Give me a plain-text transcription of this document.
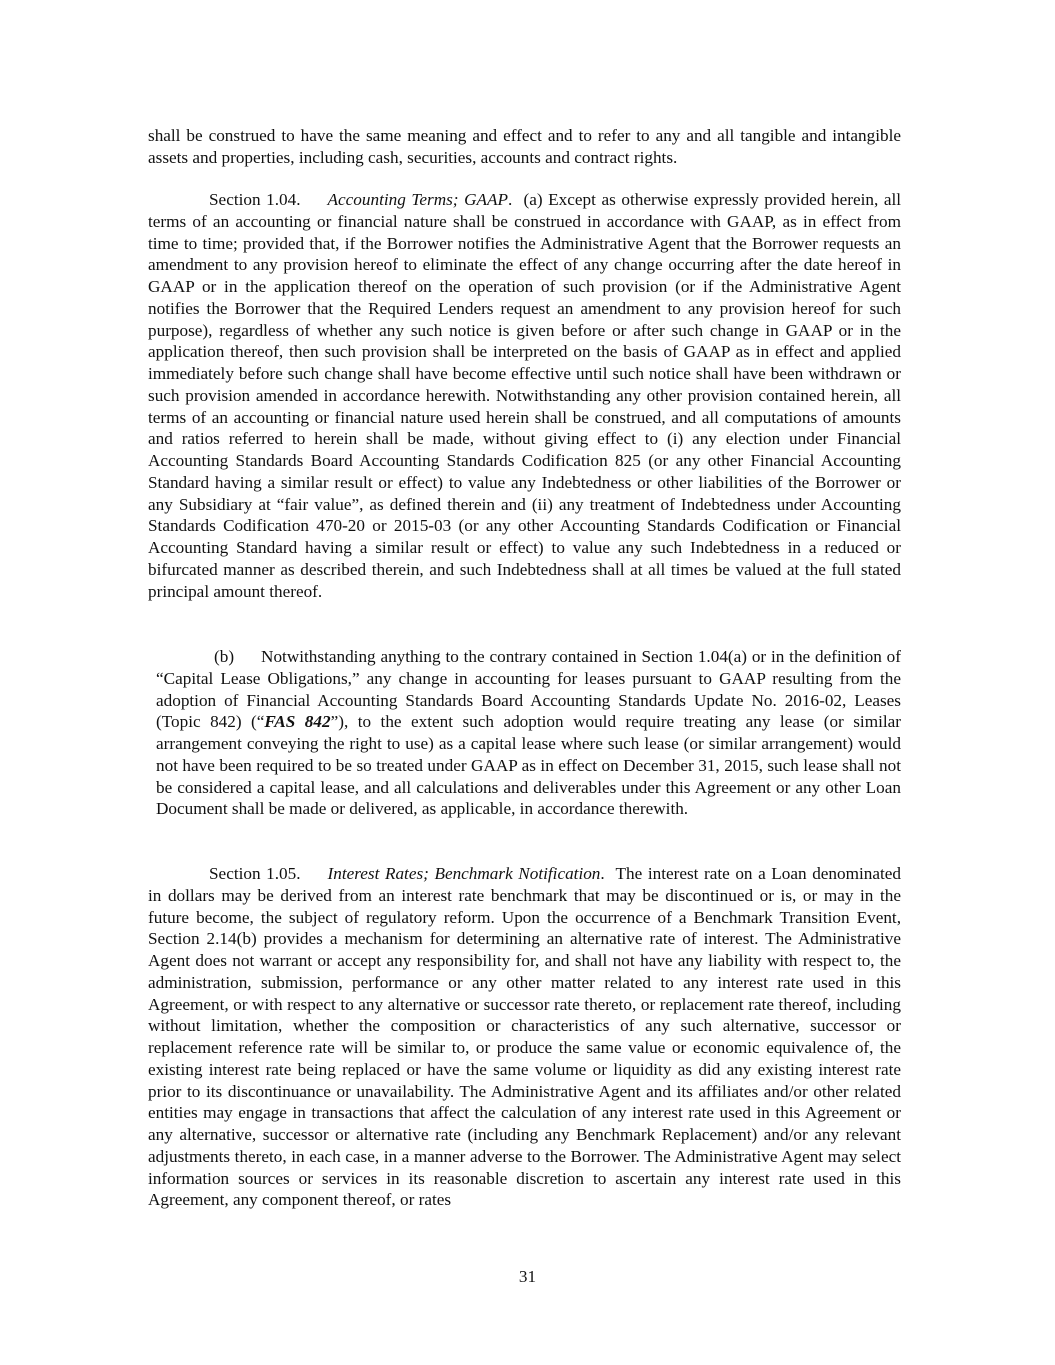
shall be construed to have the same meaning and effect and to refer to any and all tangible and intangible assets and properties, including cash, securities, accounts and contract rights.

Section 1.04. Accounting Terms; GAAP. (a) Except as otherwise expressly provided herein, all terms of an accounting or financial nature shall be construed in accordance with GAAP, as in effect from time to time; provided that, if the Borrower notifies the Administrative Agent that the Borrower requests an amendment to any provision hereof to eliminate the effect of any change occurring after the date hereof in GAAP or in the application thereof on the operation of such provision (or if the Administrative Agent notifies the Borrower that the Required Lenders request an amendment to any provision hereof for such purpose), regardless of whether any such notice is given before or after such change in GAAP or in the application thereof, then such provision shall be interpreted on the basis of GAAP as in effect and applied immediately before such change shall have become effective until such notice shall have been withdrawn or such provision amended in accordance herewith. Notwithstanding any other provision contained herein, all terms of an accounting or financial nature used herein shall be construed, and all computations of amounts and ratios referred to herein shall be made, without giving effect to (i) any election under Financial Accounting Standards Board Accounting Standards Codification 825 (or any other Financial Accounting Standard having a similar result or effect) to value any Indebtedness or other liabilities of the Borrower or any Subsidiary at “fair value”, as defined therein and (ii) any treatment of Indebtedness under Accounting Standards Codification 470-20 or 2015-03 (or any other Accounting Standards Codification or Financial Accounting Standard having a similar result or effect) to value any such Indebtedness in a reduced or bifurcated manner as described therein, and such Indebtedness shall at all times be valued at the full stated principal amount thereof.

(b) Notwithstanding anything to the contrary contained in Section 1.04(a) or in the definition of “Capital Lease Obligations,” any change in accounting for leases pursuant to GAAP resulting from the adoption of Financial Accounting Standards Board Accounting Standards Update No. 2016-02, Leases (Topic 842) (“FAS 842”), to the extent such adoption would require treating any lease (or similar arrangement conveying the right to use) as a capital lease where such lease (or similar arrangement) would not have been required to be so treated under GAAP as in effect on December 31, 2015, such lease shall not be considered a capital lease, and all calculations and deliverables under this Agreement or any other Loan Document shall be made or delivered, as applicable, in accordance therewith.

Section 1.05. Interest Rates; Benchmark Notification. The interest rate on a Loan denominated in dollars may be derived from an interest rate benchmark that may be discontinued or is, or may in the future become, the subject of regulatory reform. Upon the occurrence of a Benchmark Transition Event, Section 2.14(b) provides a mechanism for determining an alternative rate of interest. The Administrative Agent does not warrant or accept any responsibility for, and shall not have any liability with respect to, the administration, submission, performance or any other matter related to any interest rate used in this Agreement, or with respect to any alternative or successor rate thereto, or replacement rate thereof, including without limitation, whether the composition or characteristics of any such alternative, successor or replacement reference rate will be similar to, or produce the same value or economic equivalence of, the existing interest rate being replaced or have the same volume or liquidity as did any existing interest rate prior to its discontinuance or unavailability. The Administrative Agent and its affiliates and/or other related entities may engage in transactions that affect the calculation of any interest rate used in this Agreement or any alternative, successor or alternative rate (including any Benchmark Replacement) and/or any relevant adjustments thereto, in each case, in a manner adverse to the Borrower. The Administrative Agent may select information sources or services in its reasonable discretion to ascertain any interest rate used in this Agreement, any component thereof, or rates

31
